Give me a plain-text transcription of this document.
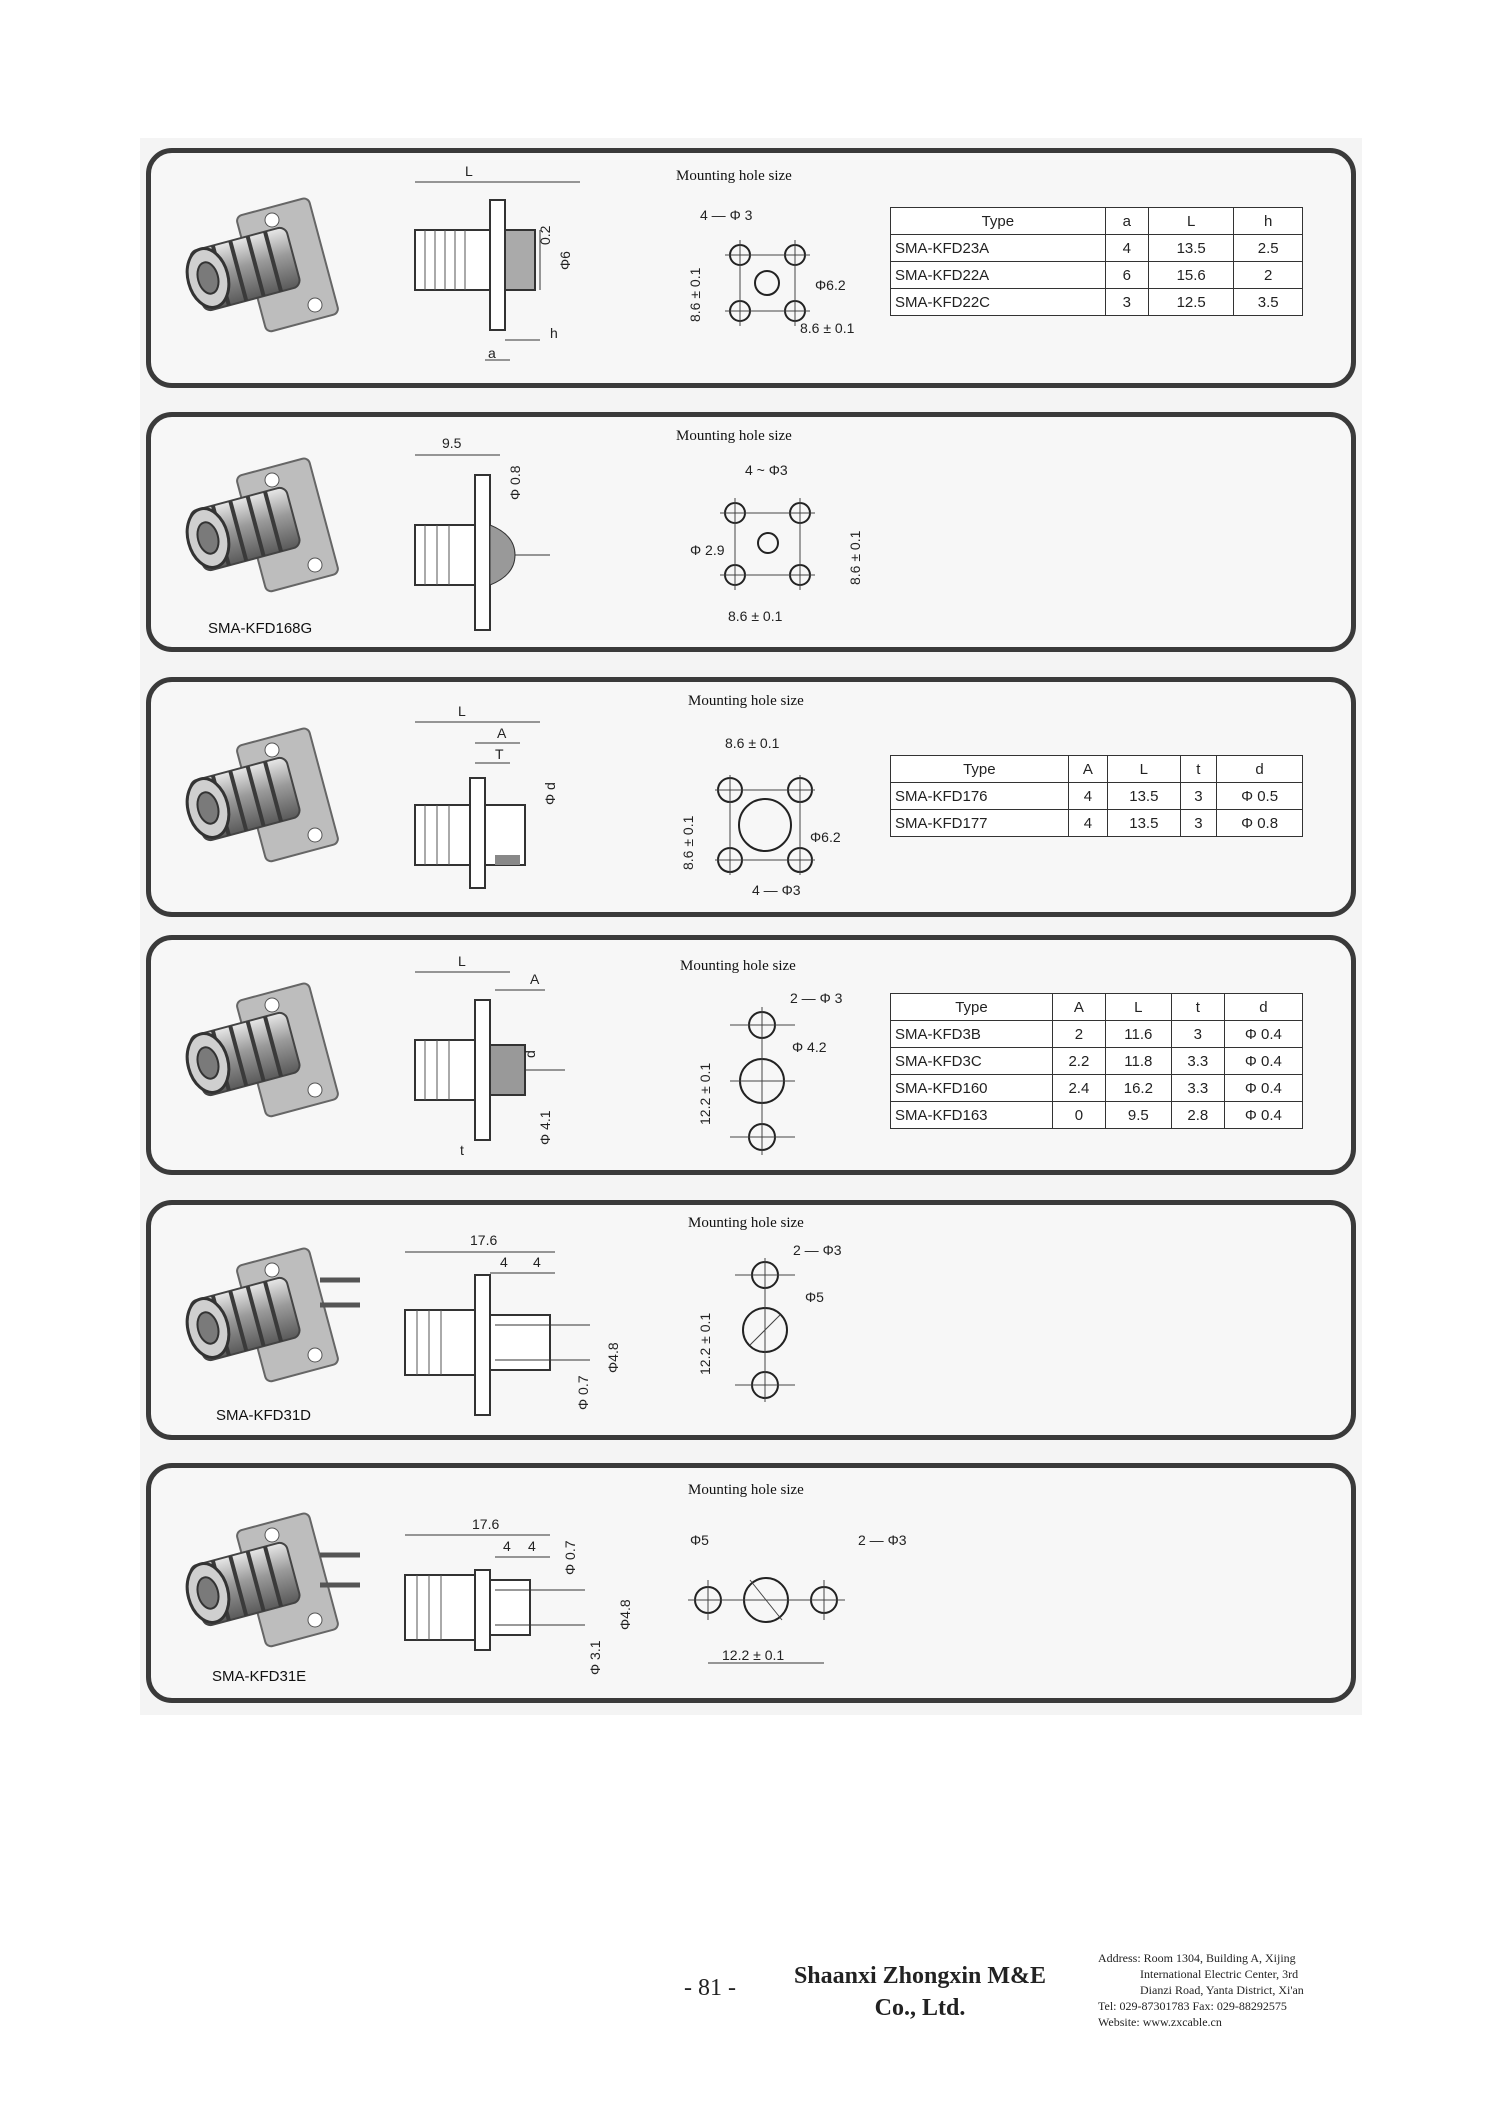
L
0.2
Φ6
h
a
Mounting hole size
4 — Φ 3
Φ6.2
8.6 ± 0.1
8.6 ± 0.1
Type	a	L	h
SMA-KFD23A	4	13.5	2.5
SMA-KFD22A	6	15.6	2
SMA-KFD22C	3	12.5	3.5
SMA-KFD168G
9.5
Φ 0.8
Mounting hole size
4 ~ Φ3
Φ 2.9	8.6 ± 0.1
8.6 ± 0.1
L
A
T
Φ d
Mounting hole size
8.6 ± 0.1
8.6 ± 0.1	Φ6.2
4 — Φ3
Type	A	L	t	d
SMA-KFD176	4	13.5	3	Φ 0.5
SMA-KFD177	4	13.5	3	Φ 0.8
L
A
d
Φ 4.1
t
Mounting hole size
2 — Φ 3
Φ 4.2
12.2 ± 0.1
Type	A	L	t	d
SMA-KFD3B	2	11.6	3	Φ 0.4
SMA-KFD3C	2.2	11.8	3.3	Φ 0.4
SMA-KFD160	2.4	16.2	3.3	Φ 0.4
SMA-KFD163	0	9.5	2.8	Φ 0.4
SMA-KFD31D
17.6
4 4
Φ4.8
Φ 0.7
Mounting hole size
2 — Φ3
Φ5
12.2 ± 0.1
SMA-KFD31E
17.6
4 4 Φ 0.7
Φ4.8
Φ 3.1
Mounting hole size
Φ5	2 — Φ3
12.2 ± 0.1
- 81 -	Shaanxi Zhongxin M&E
Co., Ltd.
Address: Room 1304, Building A, Xijing
International Electric Center, 3rd
Dianzi Road, Yanta District, Xi'an
Tel: 029-87301783 Fax: 029-88292575
Website: www.zxcable.cn
